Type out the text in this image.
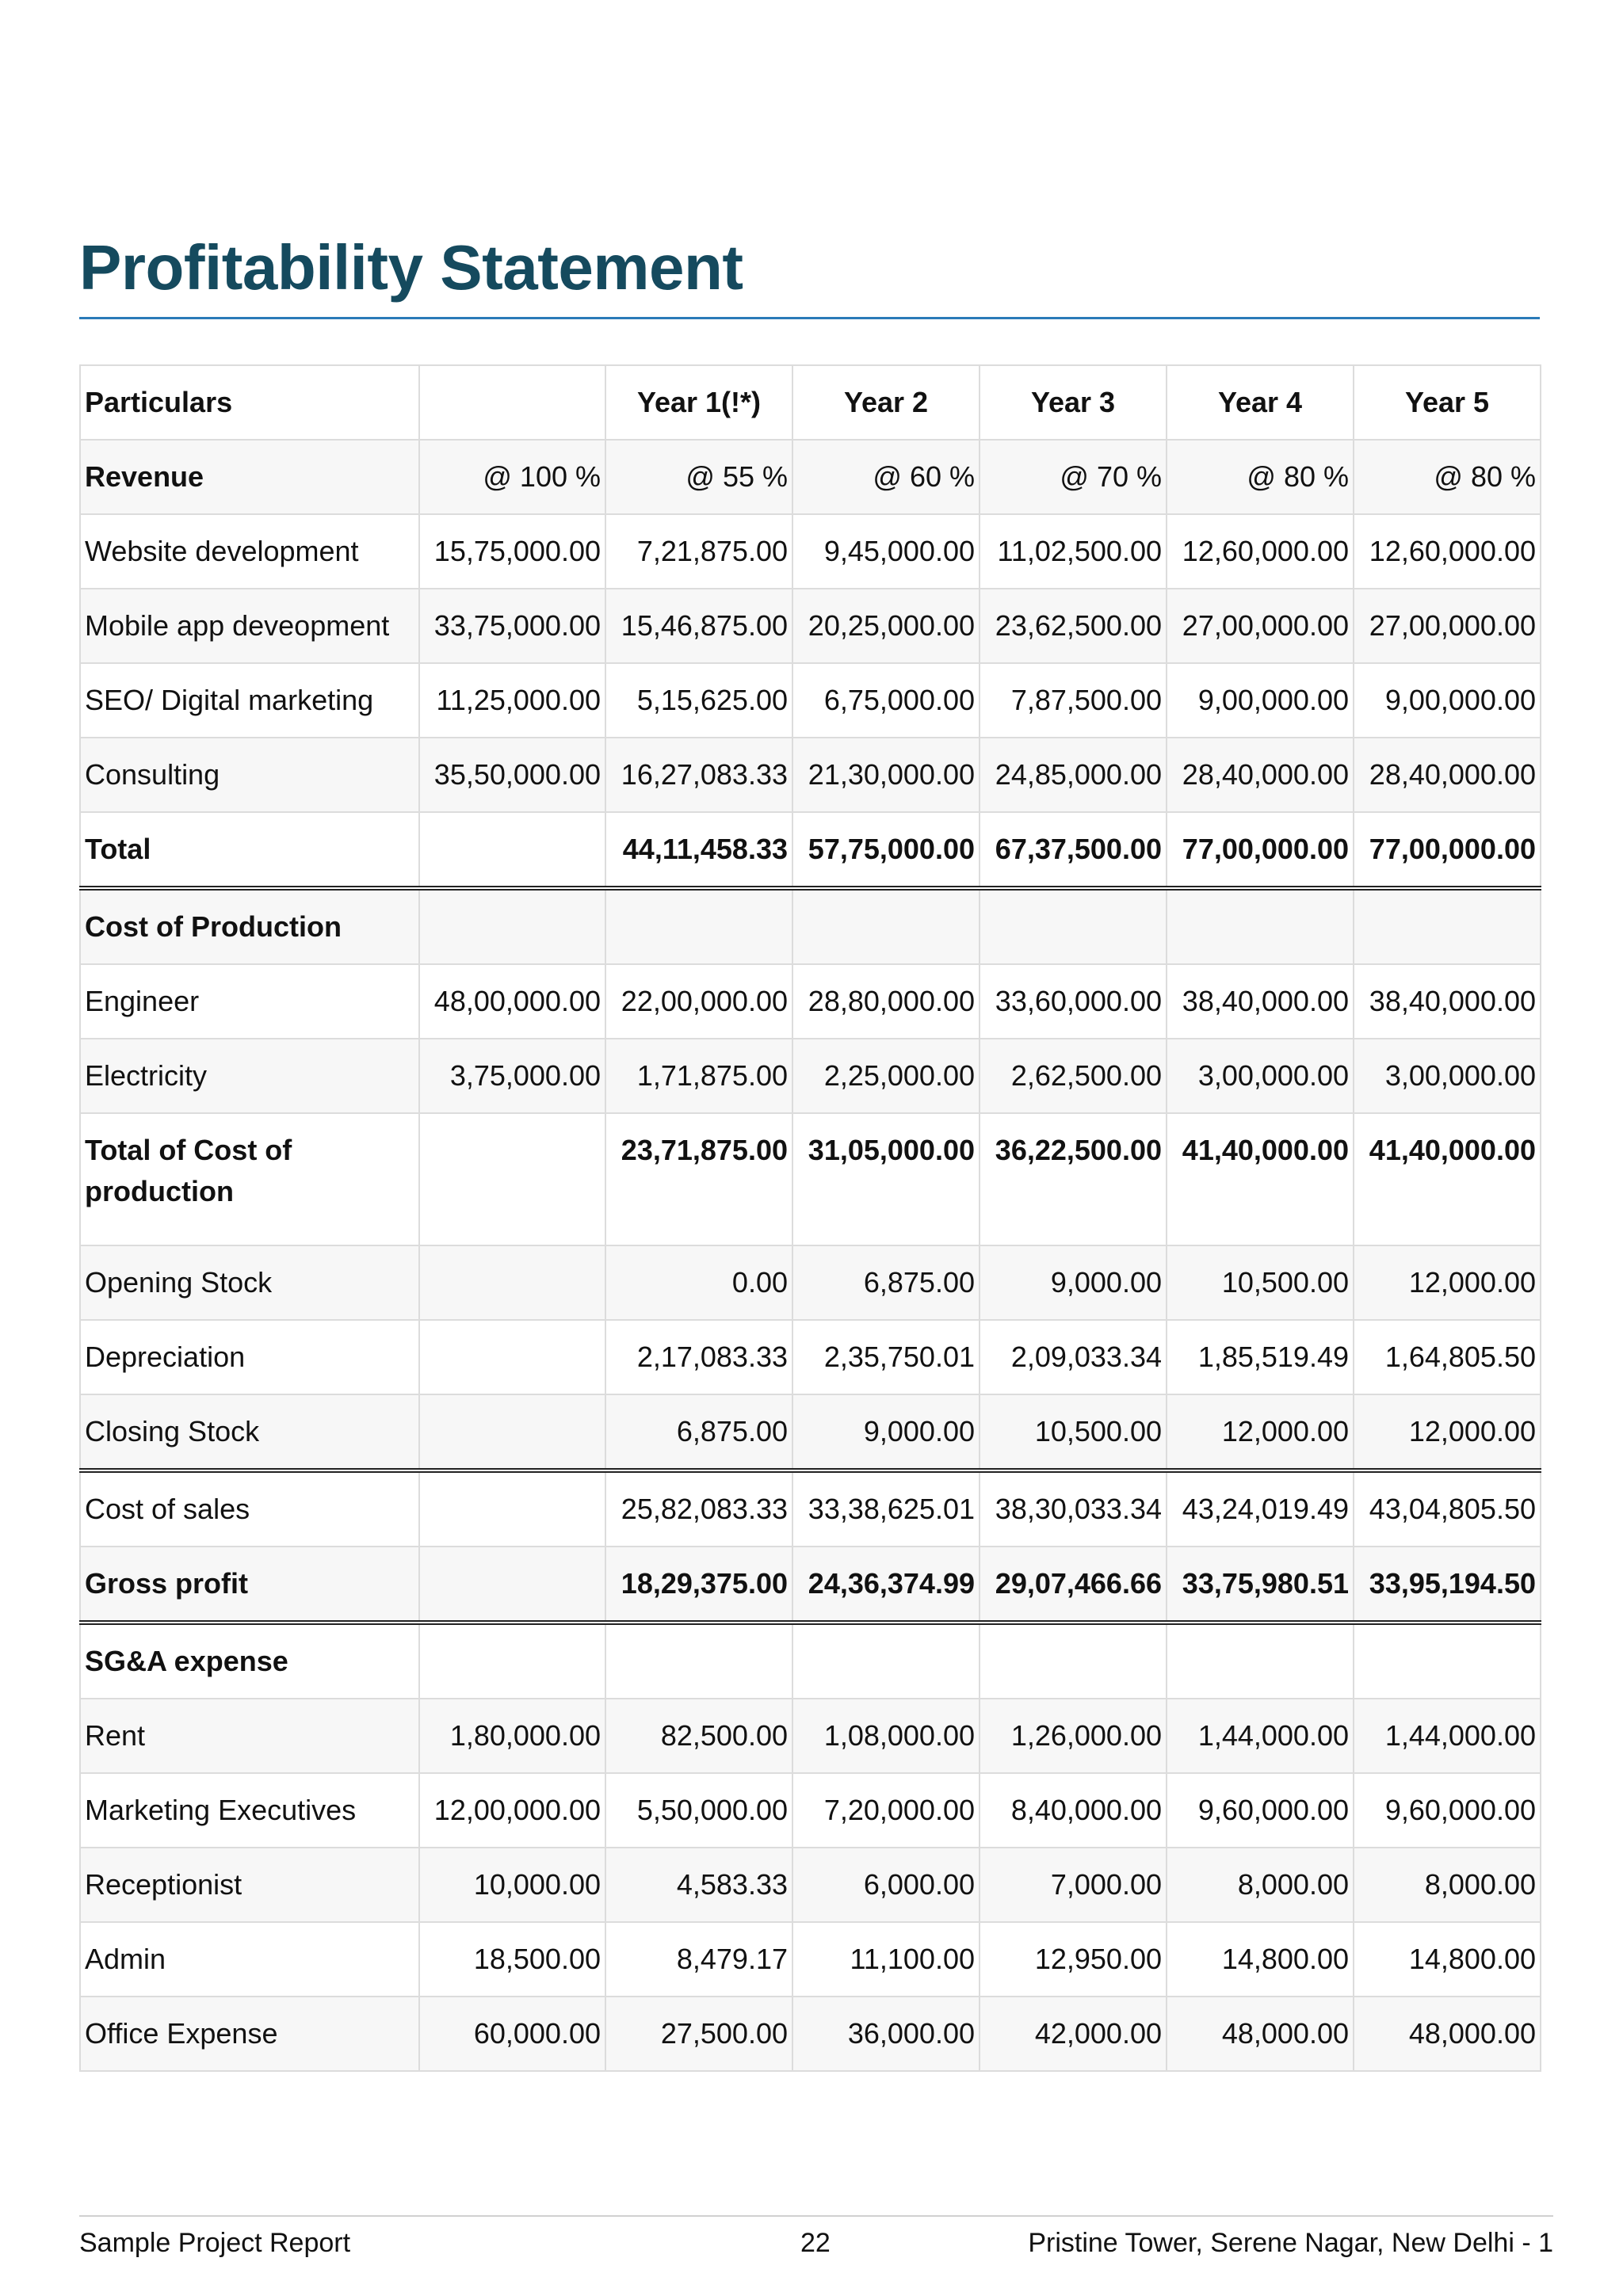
Profitability Statement
Particulars		Year 1(!*)	Year 2	Year 3	Year 4	Year 5
Revenue	@ 100 %	@ 55 %	@ 60 %	@ 70 %	@ 80 %	@ 80 %
Website development	15,75,000.00	7,21,875.00	9,45,000.00	11,02,500.00	12,60,000.00	12,60,000.00
Mobile app deveopment	33,75,000.00	15,46,875.00	20,25,000.00	23,62,500.00	27,00,000.00	27,00,000.00
SEO/ Digital marketing	11,25,000.00	5,15,625.00	6,75,000.00	7,87,500.00	9,00,000.00	9,00,000.00
Consulting	35,50,000.00	16,27,083.33	21,30,000.00	24,85,000.00	28,40,000.00	28,40,000.00
Total		44,11,458.33	57,75,000.00	67,37,500.00	77,00,000.00	77,00,000.00
Cost of Production						
Engineer	48,00,000.00	22,00,000.00	28,80,000.00	33,60,000.00	38,40,000.00	38,40,000.00
Electricity	3,75,000.00	1,71,875.00	2,25,000.00	2,62,500.00	3,00,000.00	3,00,000.00
Total of Cost of production		23,71,875.00	31,05,000.00	36,22,500.00	41,40,000.00	41,40,000.00
Opening Stock		0.00	6,875.00	9,000.00	10,500.00	12,000.00
Depreciation		2,17,083.33	2,35,750.01	2,09,033.34	1,85,519.49	1,64,805.50
Closing Stock		6,875.00	9,000.00	10,500.00	12,000.00	12,000.00
Cost of sales		25,82,083.33	33,38,625.01	38,30,033.34	43,24,019.49	43,04,805.50
Gross profit		18,29,375.00	24,36,374.99	29,07,466.66	33,75,980.51	33,95,194.50
SG&A expense						
Rent	1,80,000.00	82,500.00	1,08,000.00	1,26,000.00	1,44,000.00	1,44,000.00
Marketing Executives	12,00,000.00	5,50,000.00	7,20,000.00	8,40,000.00	9,60,000.00	9,60,000.00
Receptionist	10,000.00	4,583.33	6,000.00	7,000.00	8,000.00	8,000.00
Admin	18,500.00	8,479.17	11,100.00	12,950.00	14,800.00	14,800.00
Office Expense	60,000.00	27,500.00	36,000.00	42,000.00	48,000.00	48,000.00
Sample Project Report	22	Pristine Tower, Serene Nagar, New Delhi - 1
